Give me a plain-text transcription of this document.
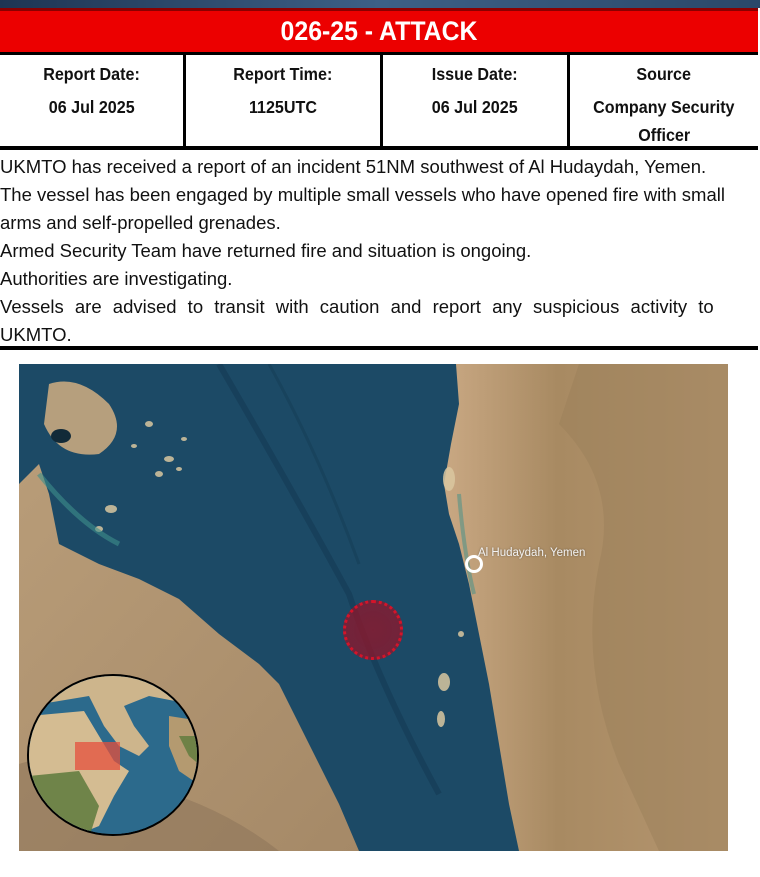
026-25 - ATTACK
Report Date:
06 Jul 2025
Report Time:
1125UTC
Issue Date:
06 Jul 2025
Source
Company Security
Officer

UKMTO has received a report of an incident 51NM southwest of Al Hudaydah, Yemen.

The vessel has been engaged by multiple small vessels who have opened fire with small

arms and self-propelled grenades.

Armed Security Team have returned fire and situation is ongoing.

Authorities are investigating.

Vessels are advised to transit with caution and report any suspicious activity to

UKMTO.

Al Hudaydah, Yemen
